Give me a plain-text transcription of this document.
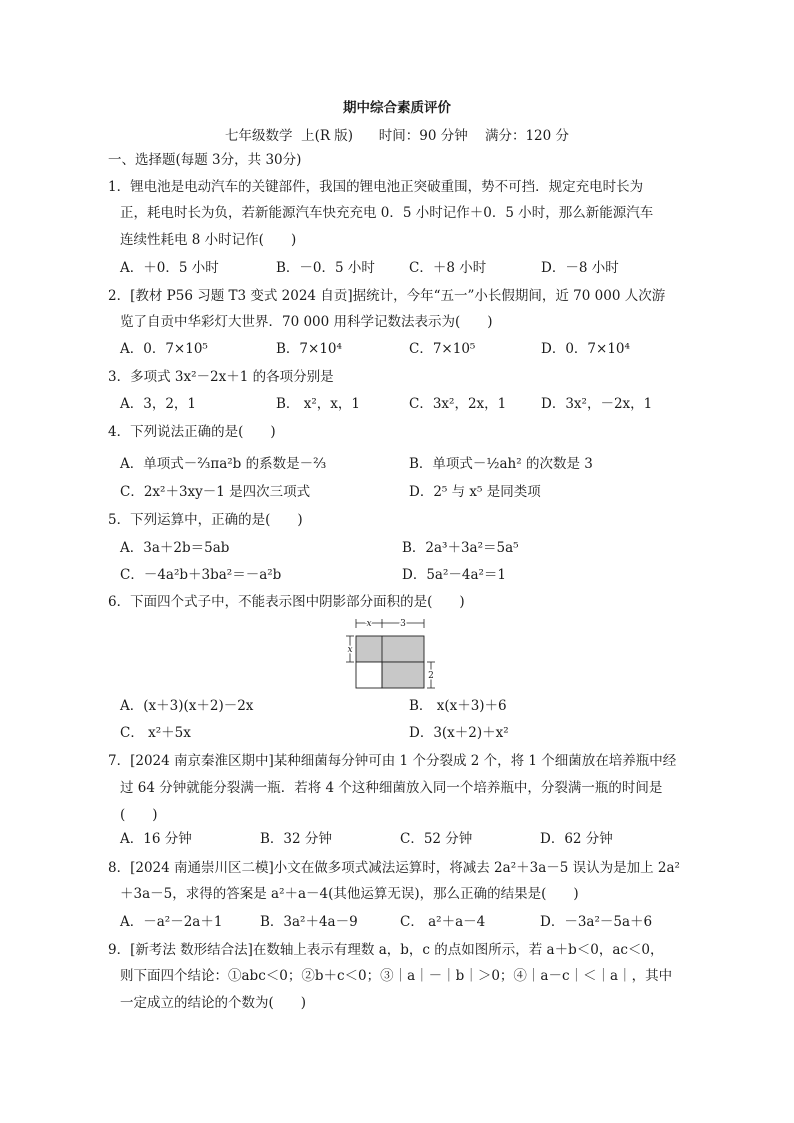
期中综合素质评价
七年级数学  上(R 版)      时间：90 分钟    满分：120 分
一、选择题(每题 3分，共 30分)
1．锂电池是电动汽车的关键部件，我国的锂电池正突破重围，势不可挡．规定充电时长为
正，耗电时长为负，若新能源汽车快充充电 0．5 小时记作＋0．5 小时，那么新能源汽车
连续性耗电 8 小时记作(　　)
A．＋0．5 小时	B．－0．5 小时	C．＋8 小时	D．－8 小时
2．[教材 P56 习题 T3 变式 2024 自贡]据统计，今年“五一”小长假期间，近 70 000 人次游
览了自贡中华彩灯大世界．70 000 用科学记数法表示为(　　)
A．0．7×10⁵	B．7×10⁴	C．7×10⁵	D．0．7×10⁴
3．多项式 3x²－2x＋1 的各项分别是
A．3，2，1	B． x²，x，1	C．3x²，2x，1	D．3x²，－2x，1
4．下列说法正确的是(　　)
A．单项式－⅔πa²b 的系数是－⅔	B．单项式－½ah² 的次数是 3
C．2x²＋3xy－1 是四次三项式	D．2⁵ 与 x⁵ 是同类项
5．下列运算中，正确的是(　　)
A．3a＋2b＝5ab	B．2a³＋3a²＝5a⁵
C．－4a²b＋3ba²＝－a²b	D．5a²－4a²＝1
6．下面四个式子中，不能表示图中阴影部分面积的是(　　)
x	3
x
2
A．(x＋3)(x＋2)－2x	B． x(x＋3)＋6
C． x²＋5x	D．3(x＋2)＋x²
7．[2024 南京秦淮区期中]某种细菌每分钟可由 1 个分裂成 2 个，将 1 个细菌放在培养瓶中经
过 64 分钟就能分裂满一瓶．若将 4 个这种细菌放入同一个培养瓶中，分裂满一瓶的时间是
(　　)
A．16 分钟	B．32 分钟	C．52 分钟	D．62 分钟
8．[2024 南通崇川区二模]小文在做多项式减法运算时，将减去 2a²＋3a－5 误认为是加上 2a²
＋3a－5，求得的答案是 a²＋a－4(其他运算无误)，那么正确的结果是(　　)
A．－a²－2a＋1	B．3a²＋4a－9	C． a²＋a－4	D．－3a²－5a＋6
9．[新考法 数形结合法]在数轴上表示有理数 a，b，c 的点如图所示，若 a＋b＜0，ac＜0，
则下面四个结论：①abc＜0；②b＋c＜0；③｜a｜－｜b｜＞0；④｜a－c｜＜｜a｜，其中
一定成立的结论的个数为(　　)
